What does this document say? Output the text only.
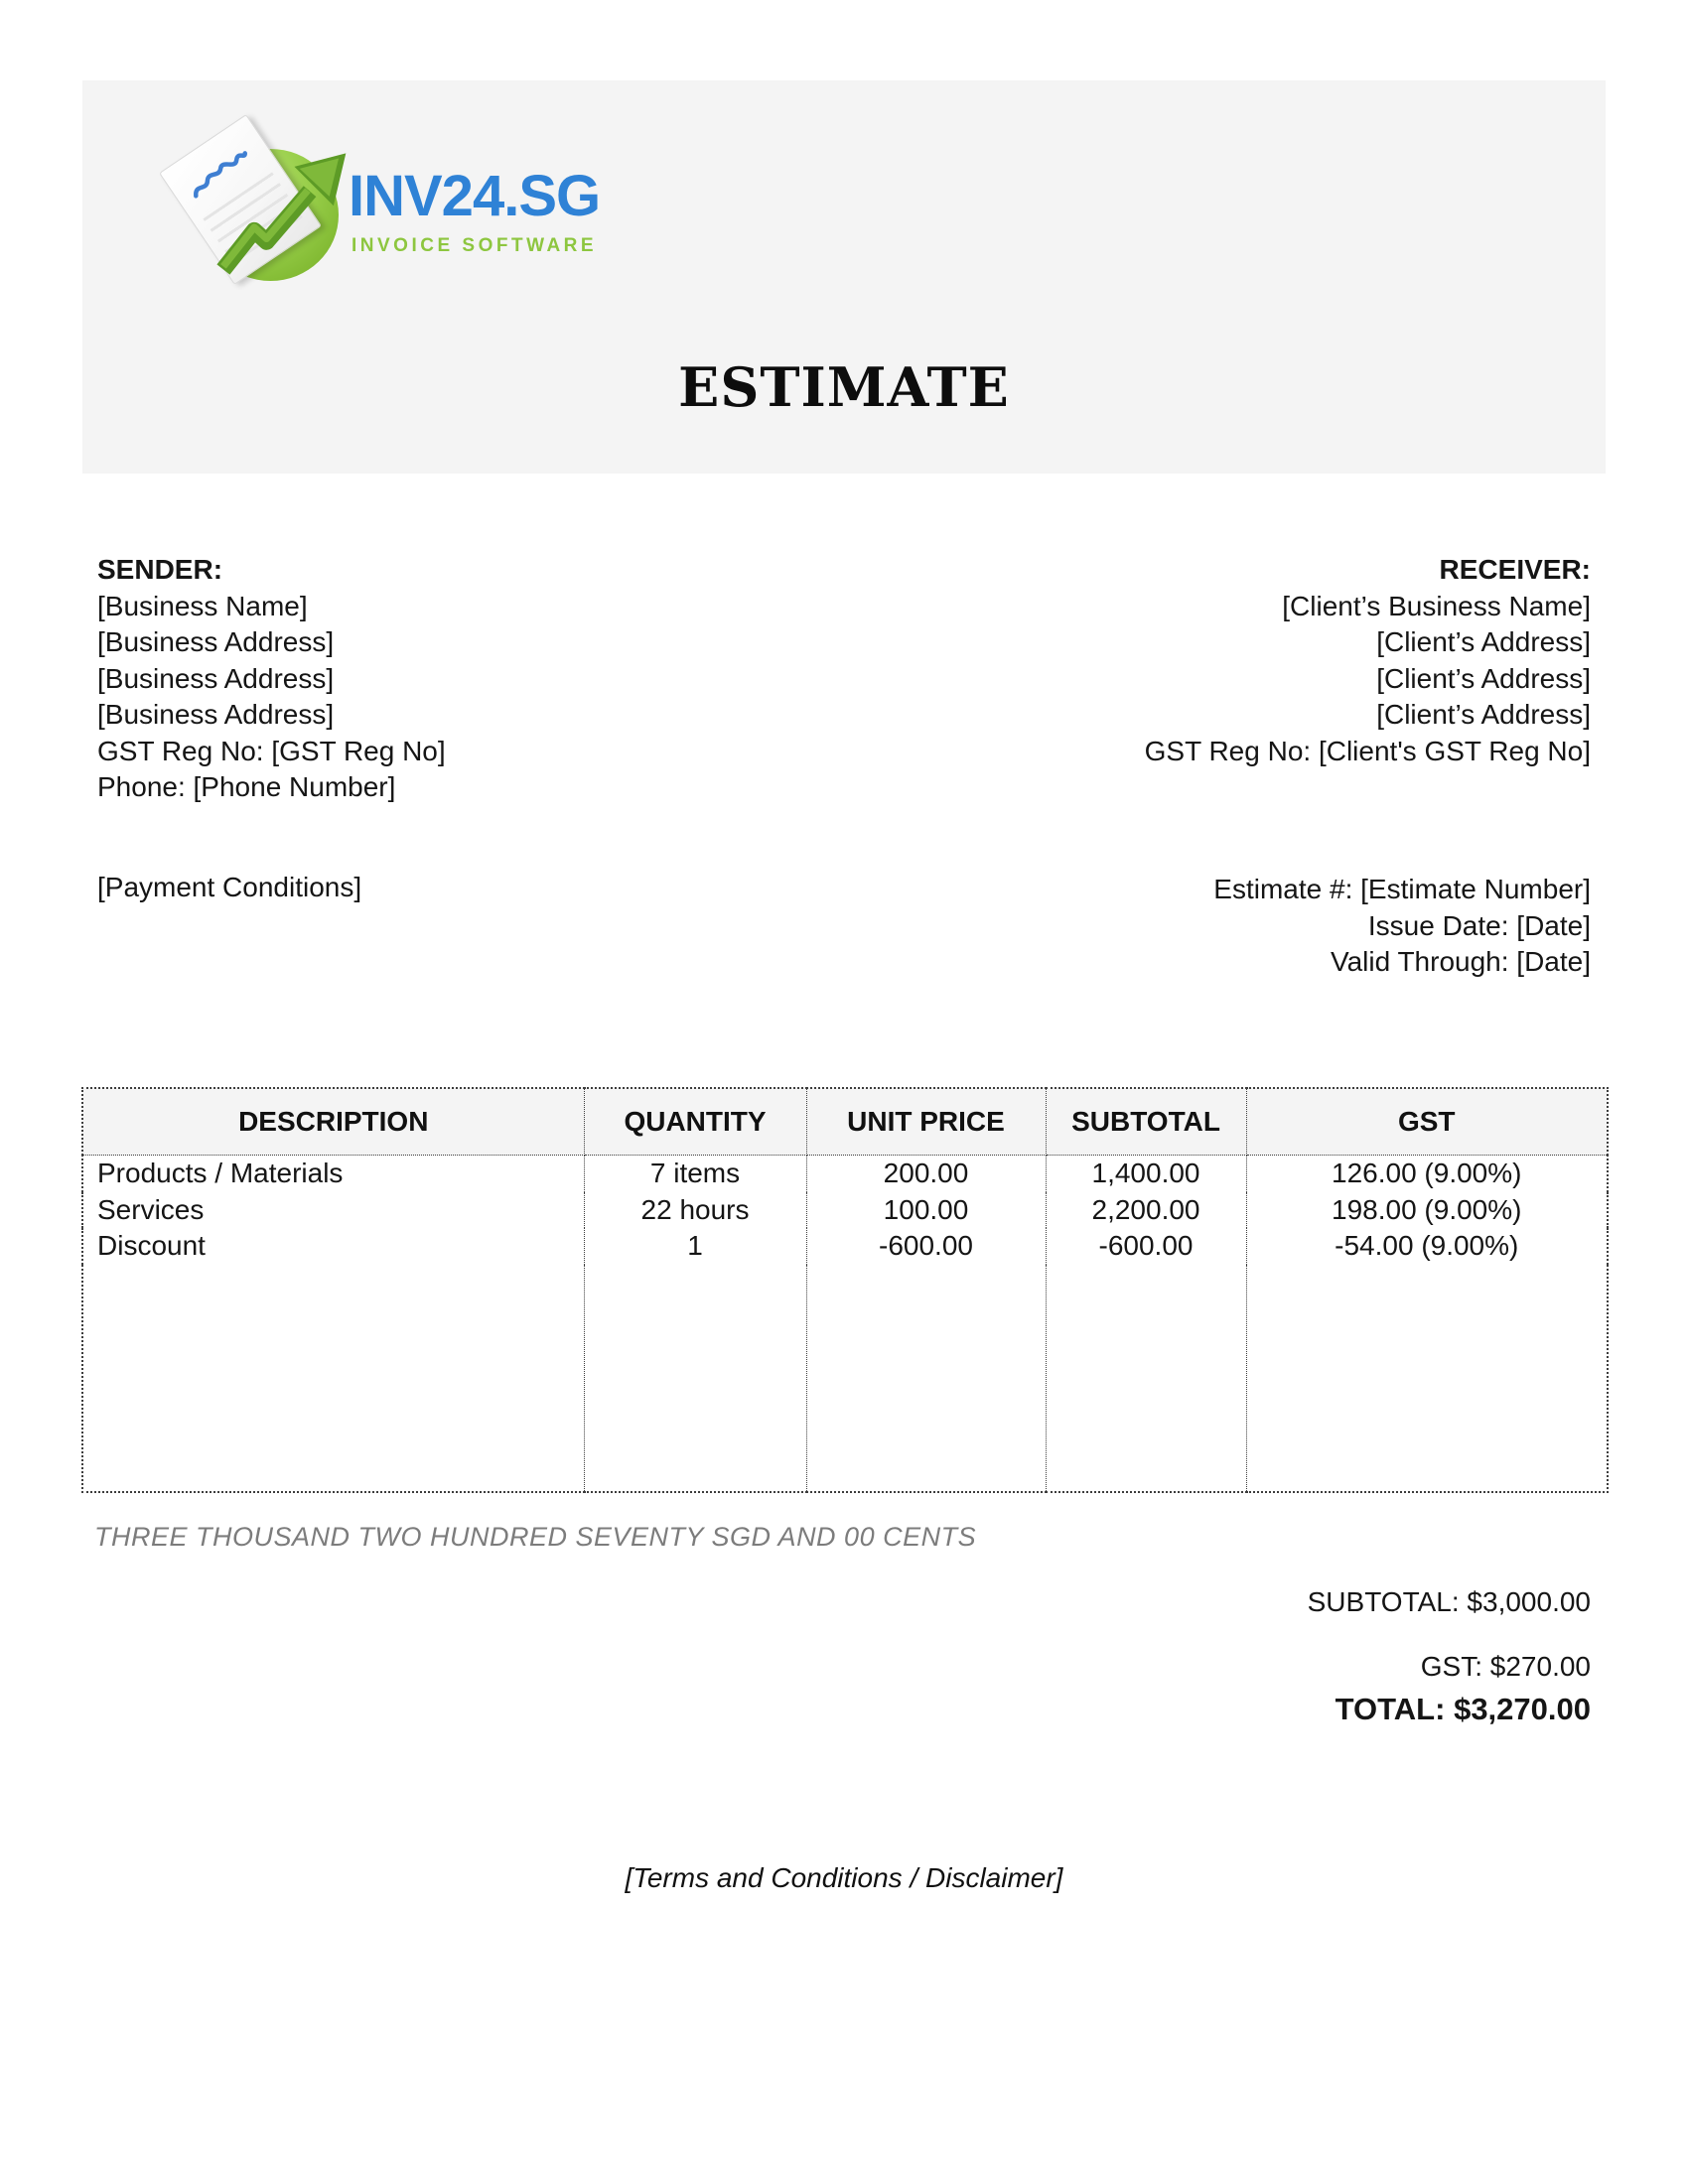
INV24.SG
INVOICE SOFTWARE
ESTIMATE
SENDER:
[Business Name]
[Business Address]
[Business Address]
[Business Address]
GST Reg No: [GST Reg No]
Phone: [Phone Number]
RECEIVER:
[Client’s Business Name]
[Client’s Address]
[Client’s Address]
[Client’s Address]
GST Reg No: [Client's GST Reg No]
[Payment Conditions]	Estimate #: [Estimate Number]
Issue Date: [Date]
Valid Through: [Date]
DESCRIPTION	QUANTITY	UNIT PRICE	SUBTOTAL	GST
Products / Materials	7 items	200.00	1,400.00	126.00 (9.00%)
Services	22 hours	100.00	2,200.00	198.00 (9.00%)
Discount	1	-600.00	-600.00	-54.00 (9.00%)

THREE THOUSAND TWO HUNDRED SEVENTY SGD AND 00 CENTS
SUBTOTAL: $3,000.00
GST: $270.00
TOTAL: $3,270.00
[Terms and Conditions / Disclaimer]
